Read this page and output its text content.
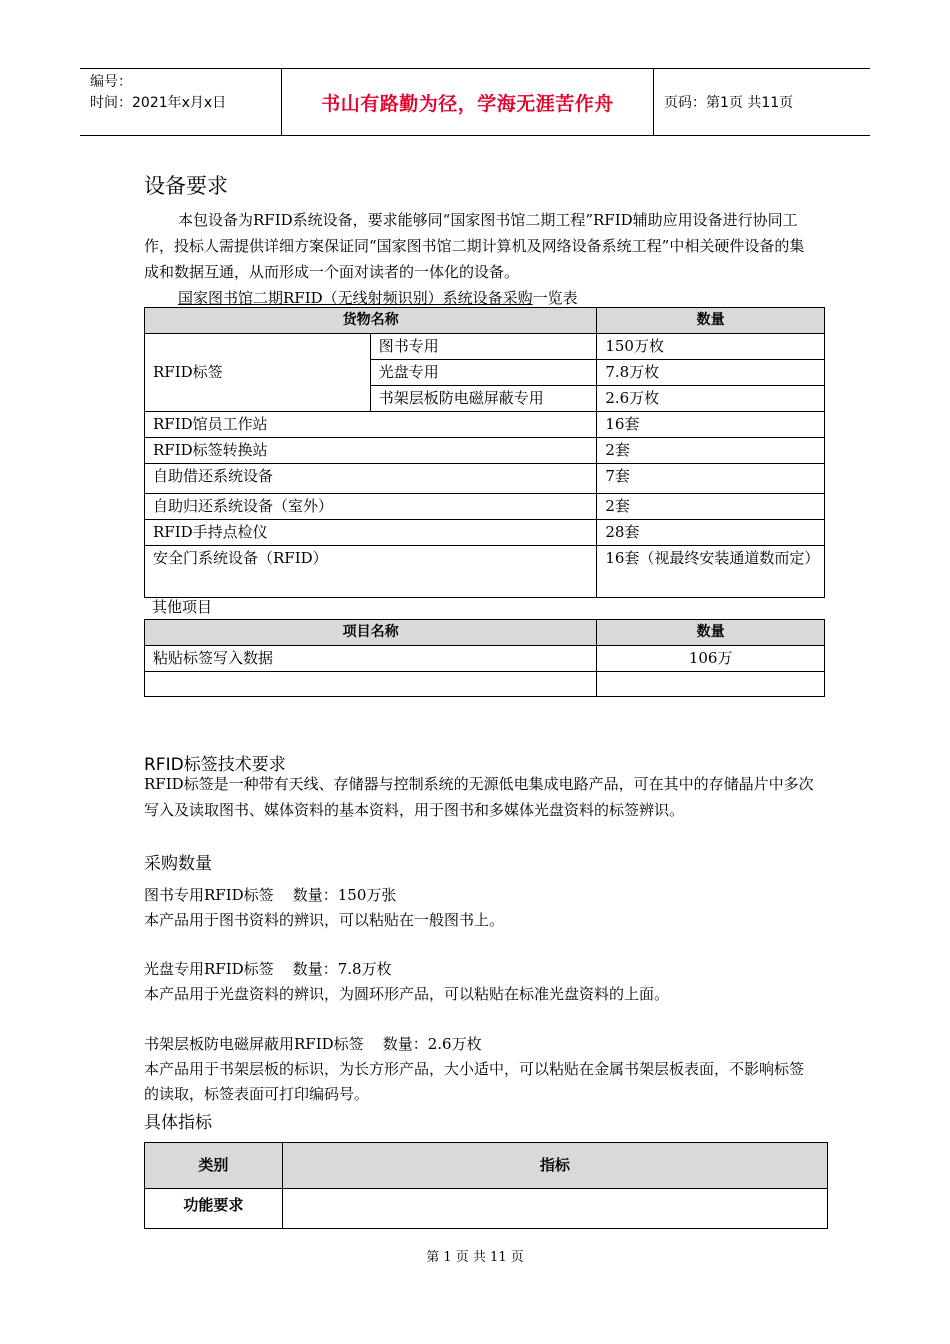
编号：
时间：2021年x月x日	书山有路勤为径，学海无涯苦作舟	页码：第1页 共11页
设备要求
本包设备为RFID系统设备，要求能够同“国家图书馆二期工程”RFID辅助应用设备进行协同工作，投标人需提供详细方案保证同“国家图书馆二期计算机及网络设备系统工程”中相关硬件设备的集成和数据互通，从而形成一个面对读者的一体化的设备。
国家图书馆二期RFID（无线射频识别）系统设备采购一览表
货物名称		数量
RFID标签	图书专用	150万枚
	光盘专用	7.8万枚
	书架层板防电磁屏蔽专用	2.6万枚
RFID馆员工作站		16套
RFID标签转换站		2套
自助借还系统设备		7套
自助归还系统设备（室外）		2套
RFID手持点检仪		28套
安全门系统设备（RFID）		16套（视最终安装通道数而定）
其他项目
项目名称	数量
粘贴标签写入数据	106万

RFID标签技术要求
RFID标签是一种带有天线、存储器与控制系统的无源低电集成电路产品，可在其中的存储晶片中多次写入及读取图书、媒体资料的基本资料，用于图书和多媒体光盘资料的标签辨识。
采购数量
图书专用RFID标签    数量：150万张
本产品用于图书资料的辨识，可以粘贴在一般图书上。
光盘专用RFID标签    数量：7.8万枚
本产品用于光盘资料的辨识，为圆环形产品，可以粘贴在标准光盘资料的上面。
书架层板防电磁屏蔽用RFID标签    数量：2.6万枚
本产品用于书架层板的标识，为长方形产品，大小适中，可以粘贴在金属书架层板表面，不影响标签的读取，标签表面可打印编码号。
具体指标
类别	指标
功能要求	
第 1 页 共 11 页
